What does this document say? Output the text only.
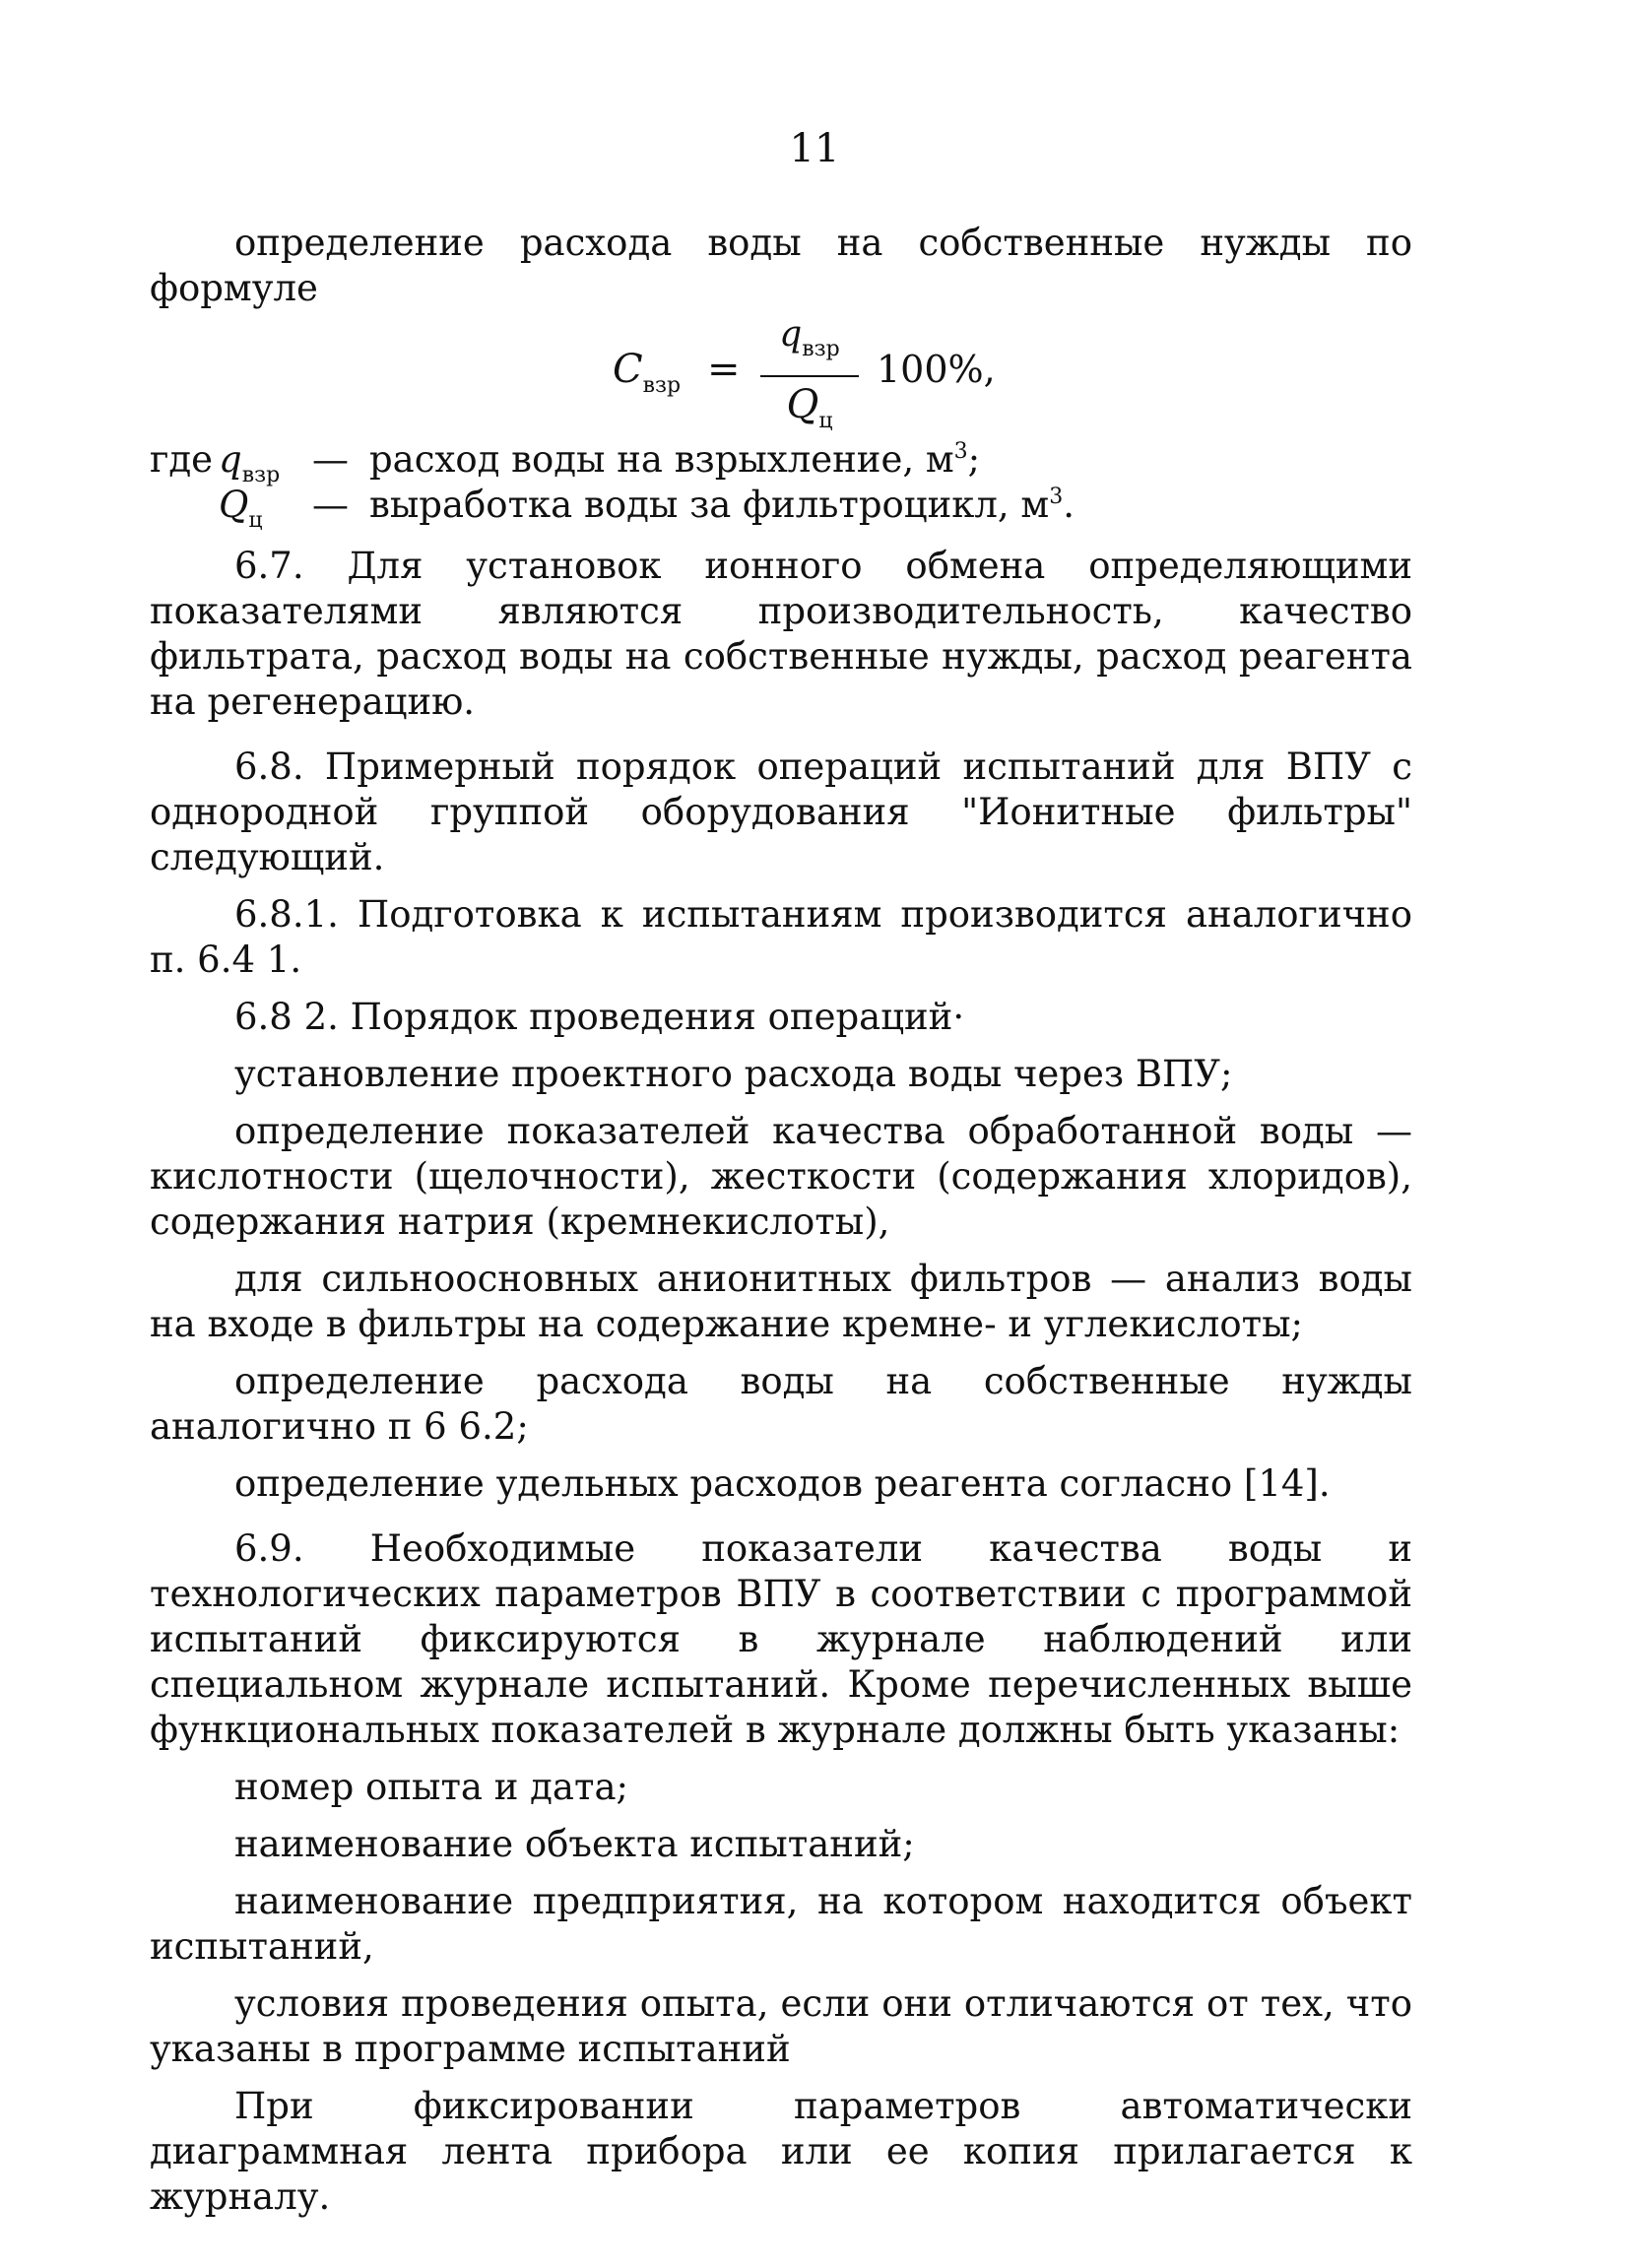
11

определение расхода воды на собственные нужды по формуле

$C_{взр}$ =
$q_{взр}$
$Q_ц$
100%,
где $q_{взр}$ — расход воды на взрыхление, $м^3$;
$Q_ц$ — выработка воды за фильтроцикл, $м^3$.

6.7. Для установок ионного обмена определяющими показателями являются производительность, качество фильтрата, расход воды на собственные нужды, расход реагента на регенерацию.

6.8. Примерный порядок операций испытаний для ВПУ с однородной группой оборудования "Ионитные фильтры" следующий.

6.8.1. Подготовка к испытаниям производится аналогично п. 6.4 1.

6.8 2. Порядок проведения операций·

установление проектного расхода воды через ВПУ;

определение показателей качества обработанной воды — кислотности (щелочности), жесткости (содержания хлоридов), содержания натрия (кремнекислоты),

для сильноосновных анионитных фильтров — анализ воды на входе в фильтры на содержание кремне- и углекислоты;

определение расхода воды на собственные нужды аналогично п 6 6.2;

определение удельных расходов реагента согласно [14].

6.9. Необходимые показатели качества воды и технологических параметров ВПУ в соответствии с программой испытаний фиксируются в журнале наблюдений или специальном журнале испытаний. Кроме перечисленных выше функциональных показателей в журнале должны быть указаны:

номер опыта и дата;

наименование объекта испытаний;

наименование предприятия, на котором находится объект испытаний,

условия проведения опыта, если они отличаются от тех, что указаны в программе испытаний

При фиксировании параметров автоматически диаграммная лента прибора или ее копия прилагается к журналу.
